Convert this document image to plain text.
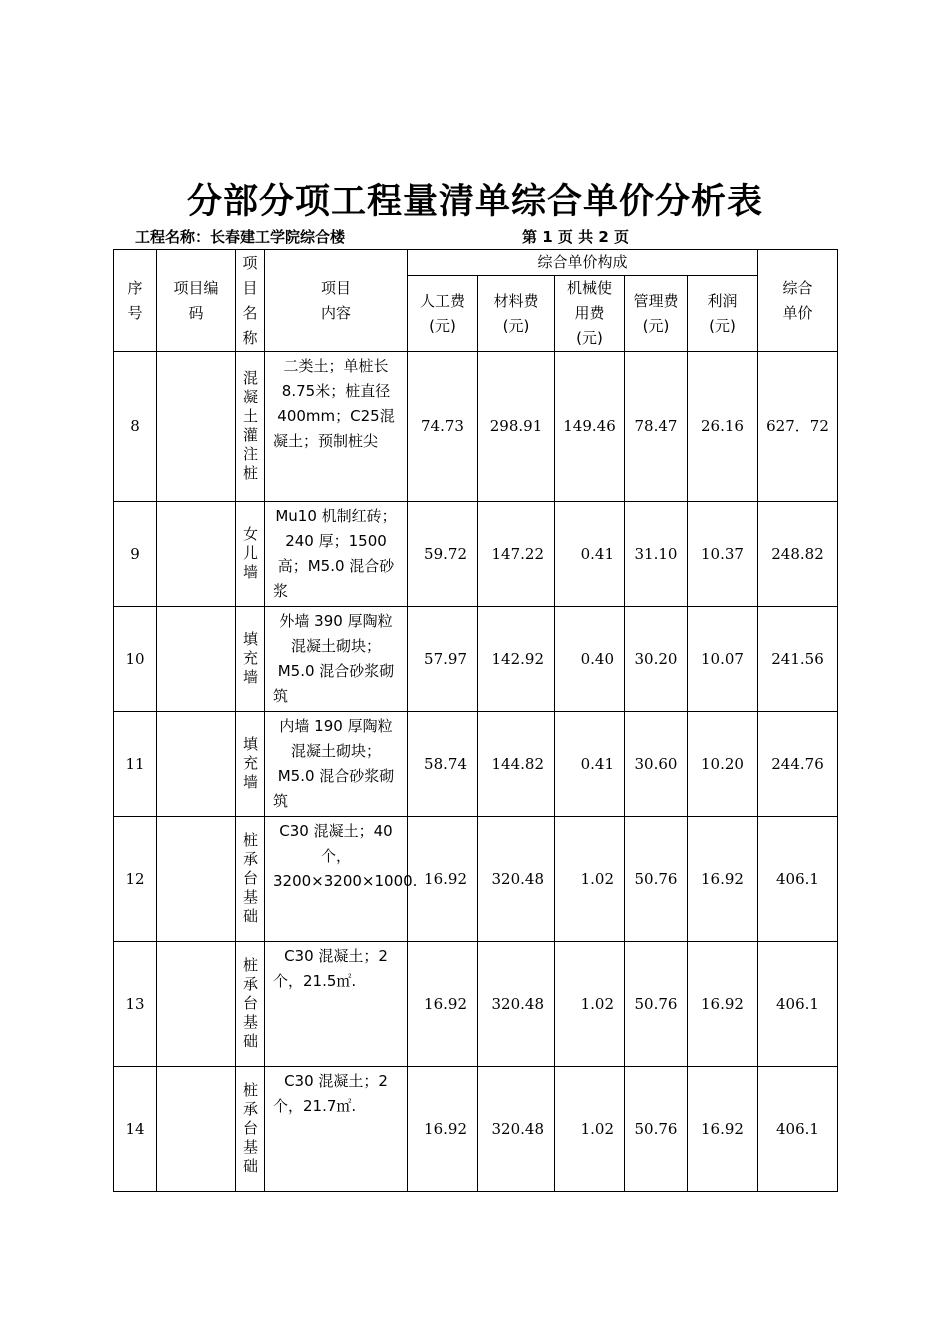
分部分项工程量清单综合单价分析表
工程名称：长春建工学院综合楼	第 1 页 共 2 页
序号	项目编码	项目名称	项目内容	综合单价构成					综合单价

				人工费(元)	材料费(元)	机械使用费(元)	管理费(元)	利润(元)	

8		混凝土灌注桩	二类土；单桩长8.75米；桩直径400mm；C25混凝土；预制桩尖	74.73	298.91	149.46	78.47	26.16	627．72
9		女儿墙	Mu10 机制红砖；240 厚；1500 高；M5.0 混合砂浆	59.72	147.22	0.41	31.10	10.37	248.82
10		填充墙	外墙 390 厚陶粒混凝土砌块；M5.0 混合砂浆砌筑	57.97	142.92	0.40	30.20	10.07	241.56
11		填充墙	内墙 190 厚陶粒混凝土砌块；M5.0 混合砂浆砌筑	58.74	144.82	0.41	30.60	10.20	244.76
12		桩承台基础	C30 混凝土；40 个，3200×3200×1000.	16.92	320.48	1.02	50.76	16.92	406.1
13		桩承台基础	C30 混凝土；2 个，21.5㎡.	16.92	320.48	1.02	50.76	16.92	406.1
14		桩承台基础	C30 混凝土；2 个，21.7㎡.	16.92	320.48	1.02	50.76	16.92	406.1
